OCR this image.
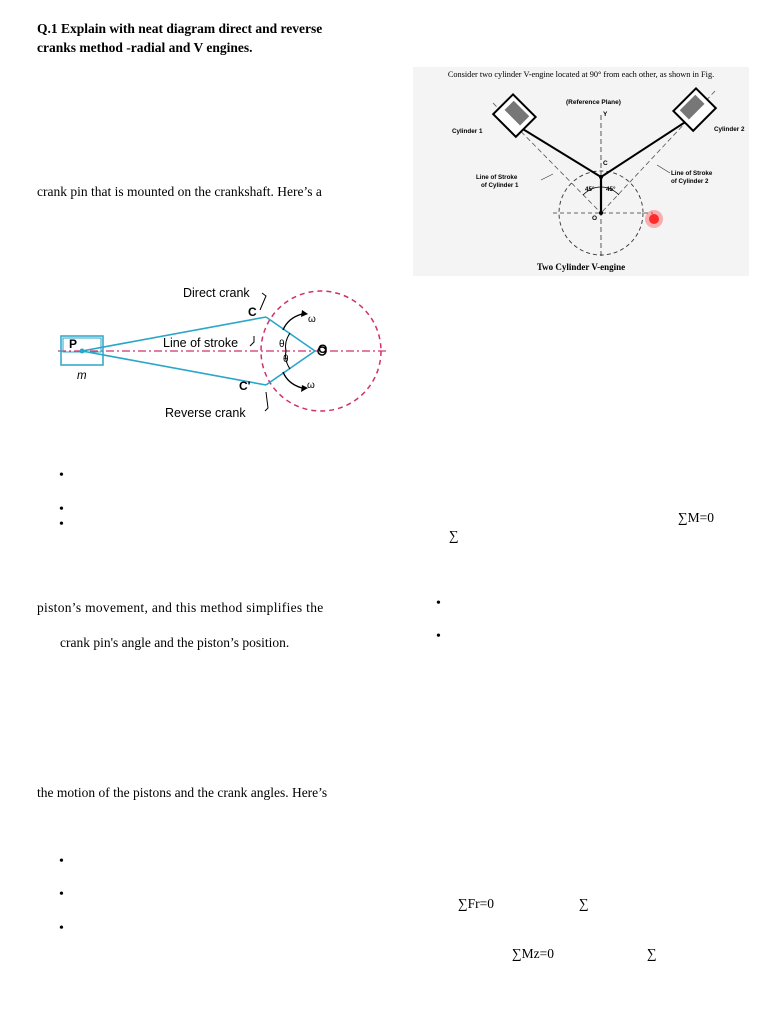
Q.1 Explain with neat diagram direct and reverse
cranks method -radial and V engines.
crank pin that is mounted on the crankshaft. Here’s a
piston’s movement, and this method simplifies the
crank pin's angle and the piston’s position.
the motion of the pistons and the crank angles. Here’s
•
•
•
•
•
•
•
•
∑M=0
∑
∑Fr=0	∑
∑Mz=0	∑
Direct crank
C
Line of stroke
P
m
C'
Reverse crank
O
θ
θ
ω
ω
(Reference Plane)
Y
Cylinder 1	Cylinder 2
C
Line of Stroke
of Cylinder 1
Line of Stroke
of Cylinder 2
45° 45°
O
Consider two cylinder V-engine located at 90° from each other, as shown in Fig.
Two Cylinder V-engine
